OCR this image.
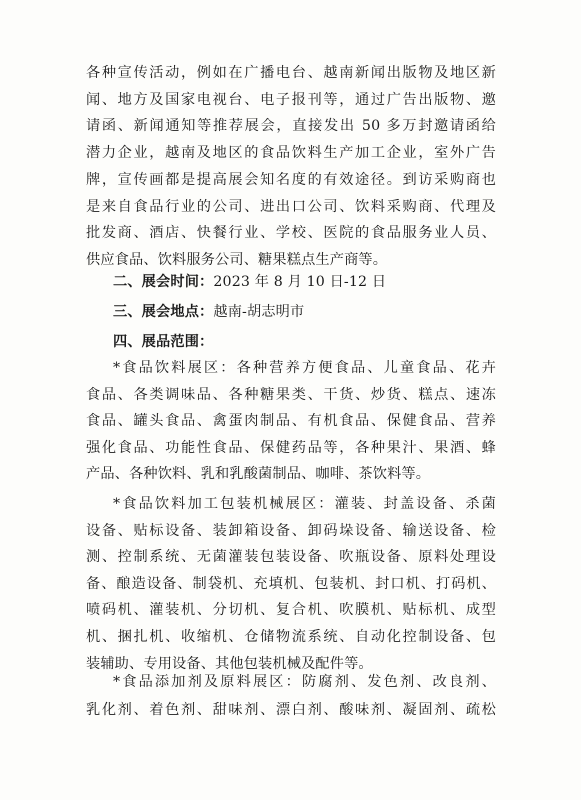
各种宣传活动，例如在广播电台、越南新闻出版物及地区新
闻、地方及国家电视台、电子报刊等，通过广告出版物、邀
请函、新闻通知等推荐展会，直接发出 50 多万封邀请函给
潜力企业，越南及地区的食品饮料生产加工企业，室外广告
牌，宣传画都是提高展会知名度的有效途径。到访采购商也
是来自食品行业的公司、进出口公司、饮料采购商、代理及
批发商、酒店、快餐行业、学校、医院的食品服务业人员、
供应食品、饮料服务公司、糖果糕点生产商等。
二、展会时间：2023 年 8 月 10 日-12 日
三、展会地点：越南-胡志明市
四、展品范围：
*食品饮料展区：各种营养方便食品、儿童食品、花卉
食品、各类调味品、各种糖果类、干货、炒货、糕点、速冻
食品、罐头食品、禽蛋肉制品、有机食品、保健食品、营养
强化食品、功能性食品、保健药品等，各种果汁、果酒、蜂
产品、各种饮料、乳和乳酸菌制品、咖啡、茶饮料等。
*食品饮料加工包装机械展区：灌装、封盖设备、杀菌
设备、贴标设备、装卸箱设备、卸码垛设备、输送设备、检
测、控制系统、无菌灌装包装设备、吹瓶设备、原料处理设
备、酿造设备、制袋机、充填机、包装机、封口机、打码机、
喷码机、灌装机、分切机、复合机、吹膜机、贴标机、成型
机、捆扎机、收缩机、仓储物流系统、自动化控制设备、包
装辅助、专用设备、其他包装机械及配件等。
*食品添加剂及原料展区：防腐剂、发色剂、改良剂、
乳化剂、着色剂、甜味剂、漂白剂、酸味剂、凝固剂、疏松
